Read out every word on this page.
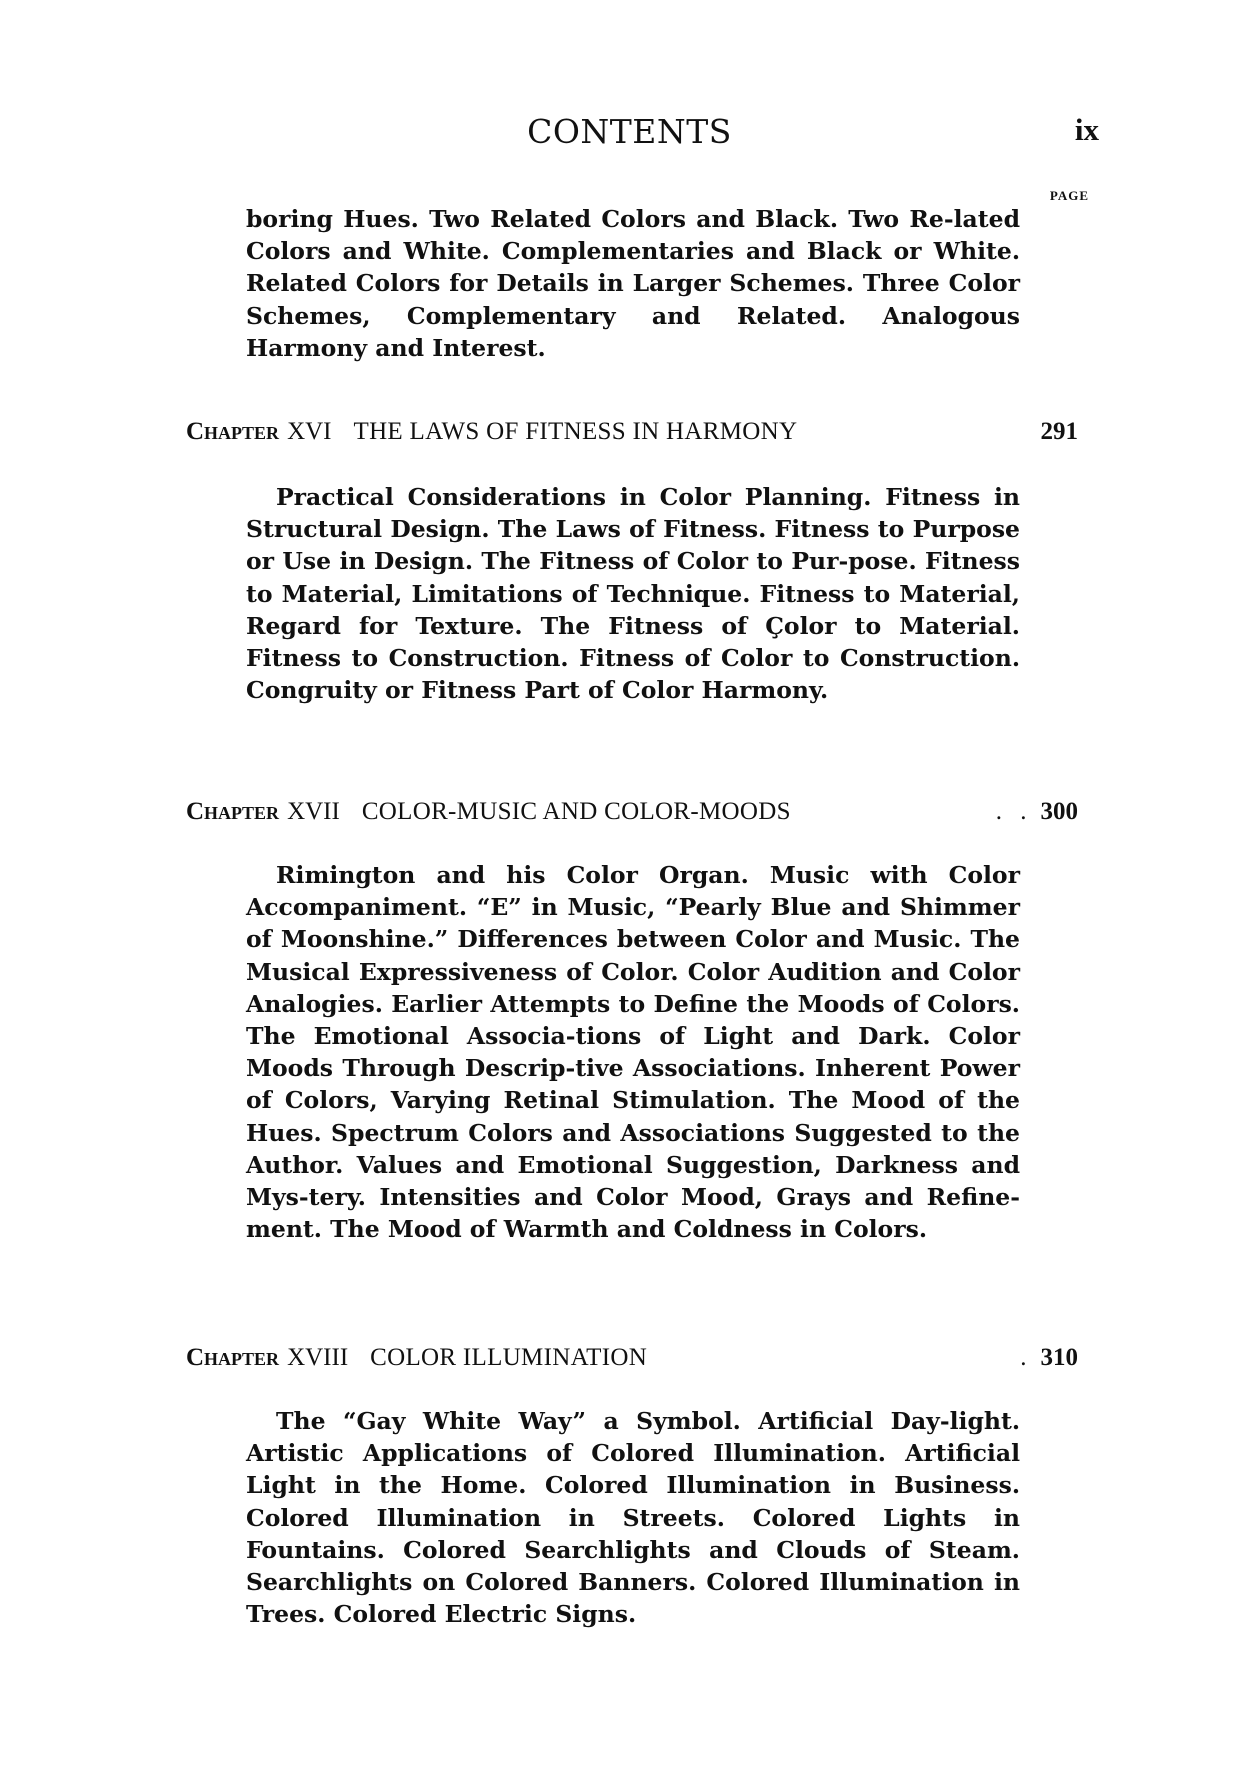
CONTENTS	ix
PAGE

boring Hues. Two Related Colors and Black. Two Re-lated Colors and White. Complementaries and Black or White. Related Colors for Details in Larger Schemes. Three Color Schemes, Complementary and Related. Analogous Harmony and Interest.

Chapter XVI THE LAWS OF FITNESS IN HARMONY	291

Practical Considerations in Color Planning. Fitness in Structural Design. The Laws of Fitness. Fitness to Purpose or Use in Design. The Fitness of Color to Pur-pose. Fitness to Material, Limitations of Technique. Fitness to Material, Regard for Texture. The Fitness of Çolor to Material. Fitness to Construction. Fitness of Color to Construction. Congruity or Fitness Part of Color Harmony.

Chapter XVII COLOR-MUSIC AND COLOR-MOODS	. . 300

Rimington and his Color Organ. Music with Color Accompaniment. “E” in Music, “Pearly Blue and Shimmer of Moonshine.” Differences between Color and Music. The Musical Expressiveness of Color. Color Audition and Color Analogies. Earlier Attempts to Define the Moods of Colors. The Emotional Associa-tions of Light and Dark. Color Moods Through Descrip-tive Associations. Inherent Power of Colors, Varying Retinal Stimulation. The Mood of the Hues. Spectrum Colors and Associations Suggested to the Author. Values and Emotional Suggestion, Darkness and Mys-tery. Intensities and Color Mood, Grays and Refine-ment. The Mood of Warmth and Coldness in Colors.

Chapter XVIII COLOR ILLUMINATION	. 310

The “Gay White Way” a Symbol. Artificial Day-light. Artistic Applications of Colored Illumination. Artificial Light in the Home. Colored Illumination in Business. Colored Illumination in Streets. Colored Lights in Fountains. Colored Searchlights and Clouds of Steam. Searchlights on Colored Banners. Colored Illumination in Trees. Colored Electric Signs.
